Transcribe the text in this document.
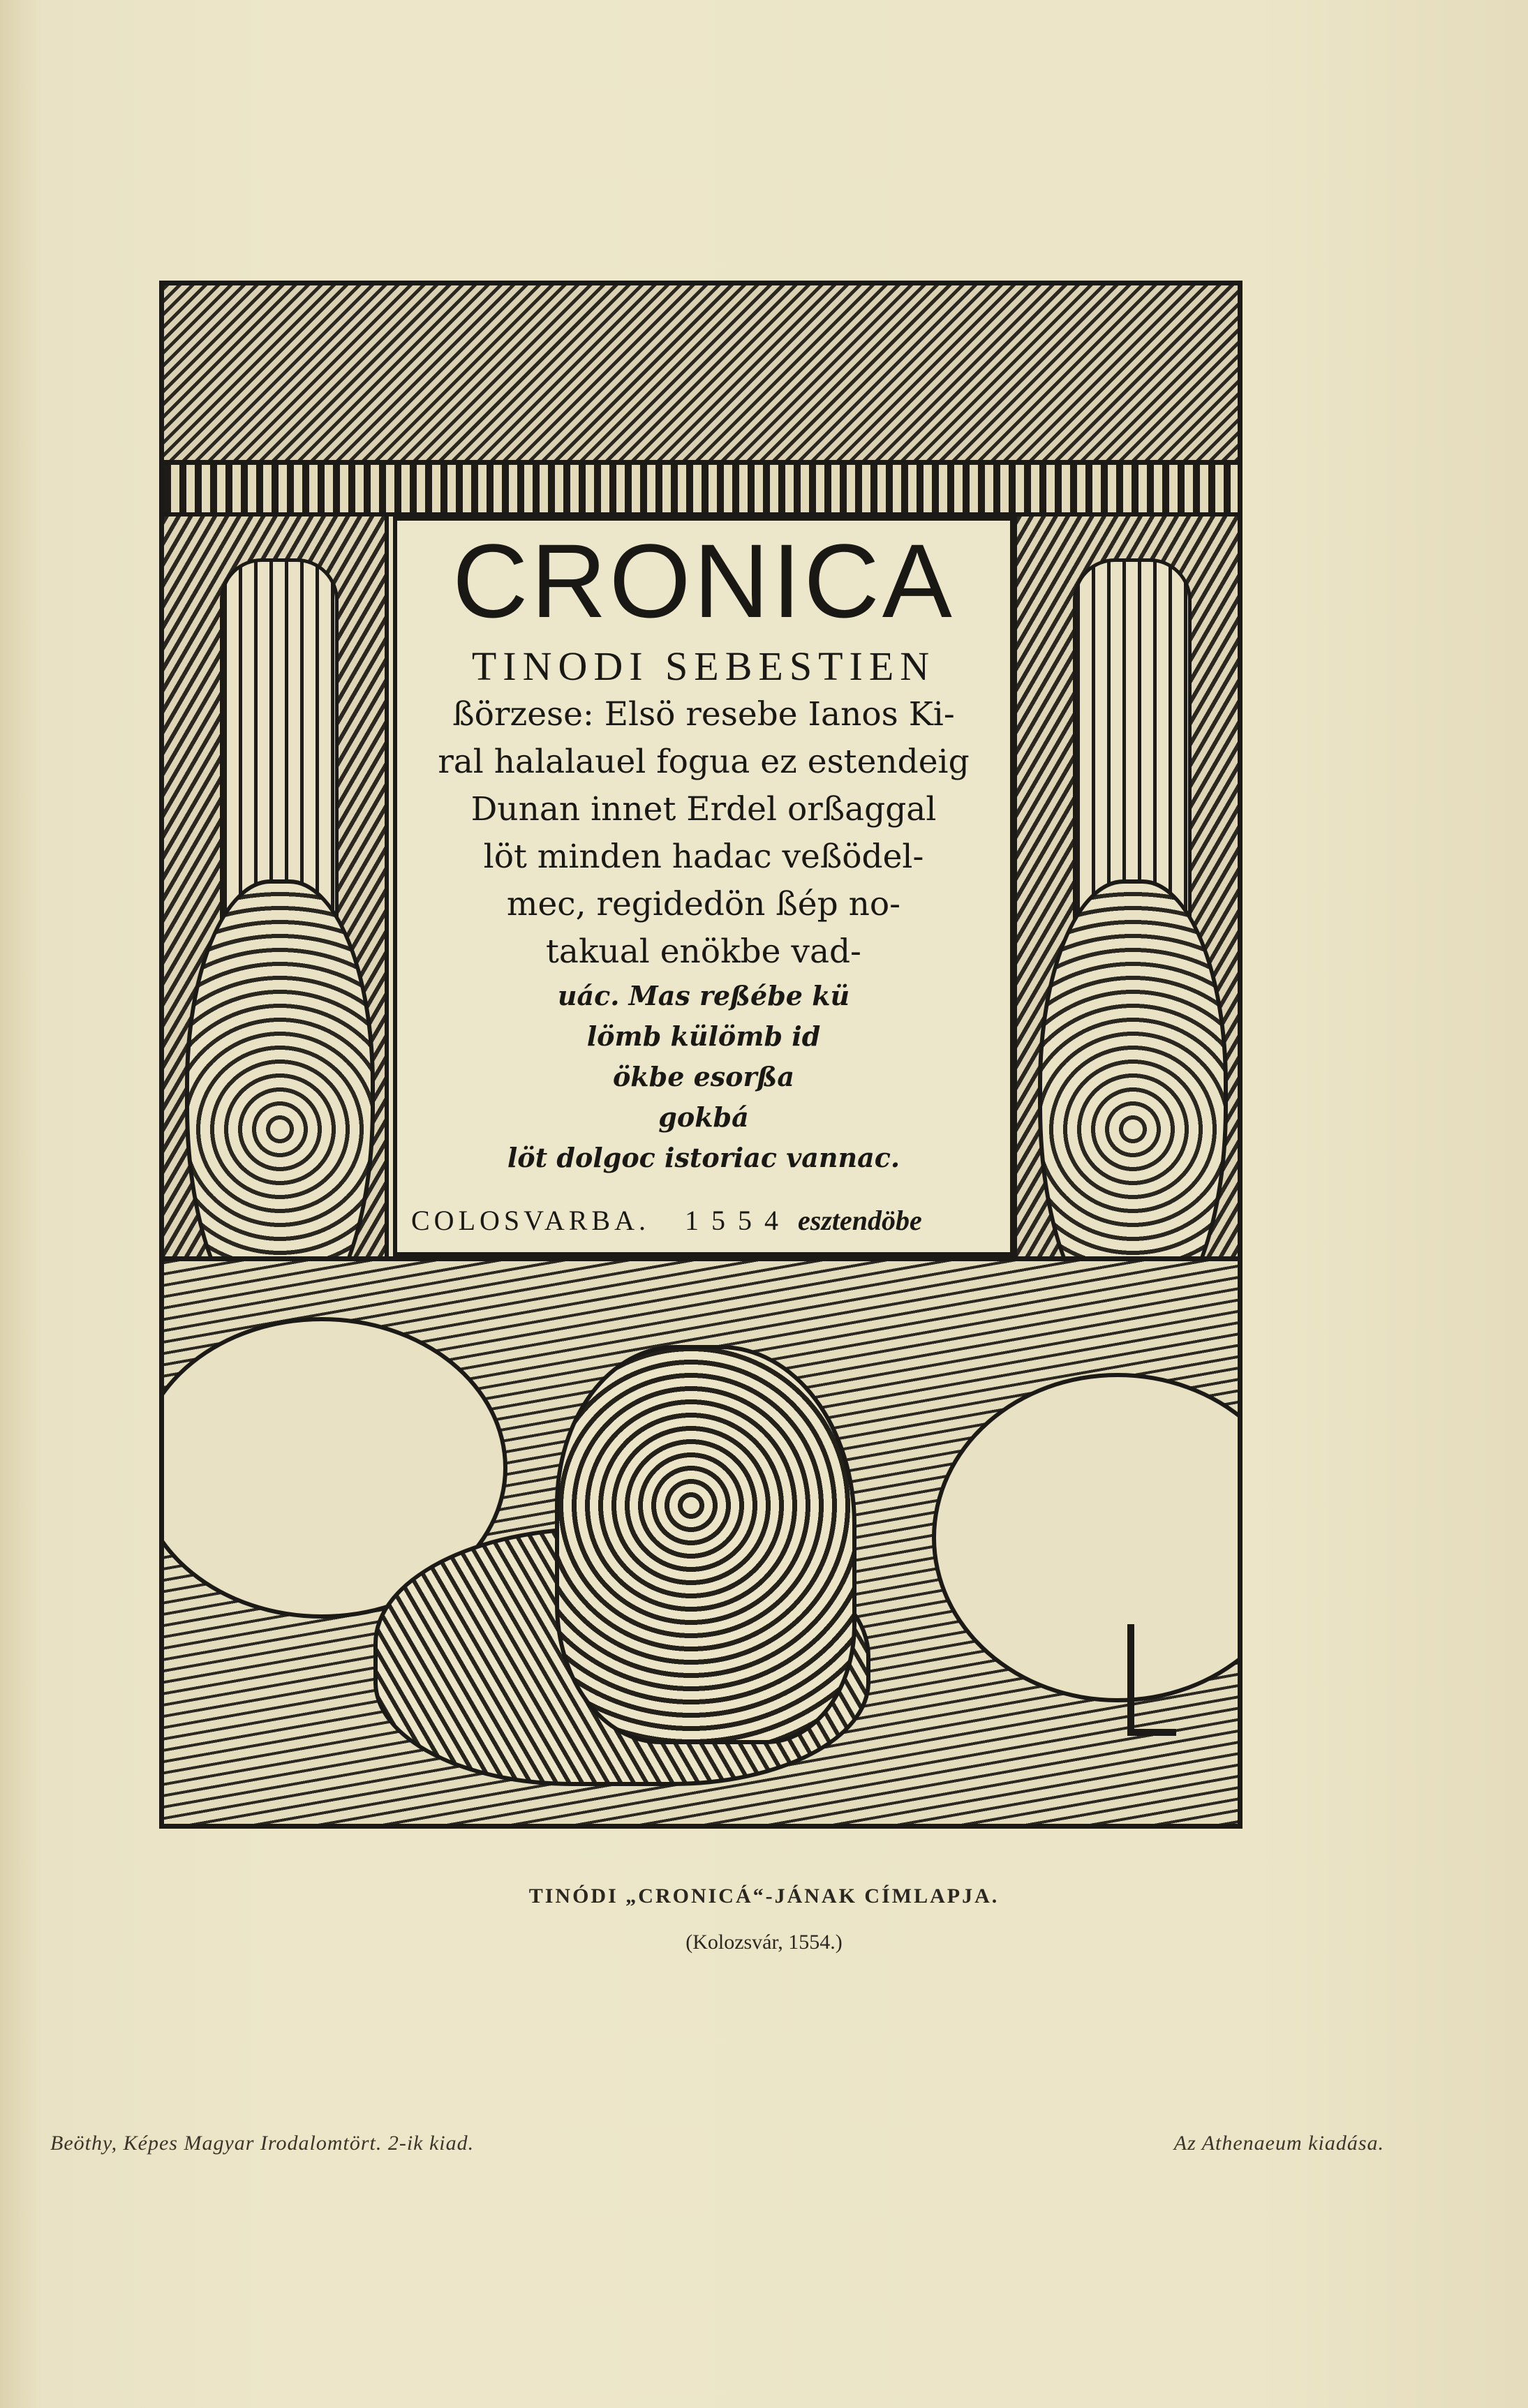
CRONICA
TINODI SEBESTIEN
ßörzese: Elsö resebe Ianos Ki-
ral halalauel fogua ez estendeig
Dunan innet Erdel orßaggal
löt minden hadac veßödel-
mec, regidedön ßép no-
takual enökbe vad-
uác. Mas reßébe kü
lömb külömb id
ökbe esorßa
gokbá
löt dolgoc istoriac vannac.
COLOSVARBA. 1554 esztendöbe
TINÓDI „CRONICÁ“-JÁNAK CÍMLAPJA.
(Kolozsvár, 1554.)
Beöthy, Képes Magyar Irodalomtört. 2-ik kiad.	Az Athenaeum kiadása.
